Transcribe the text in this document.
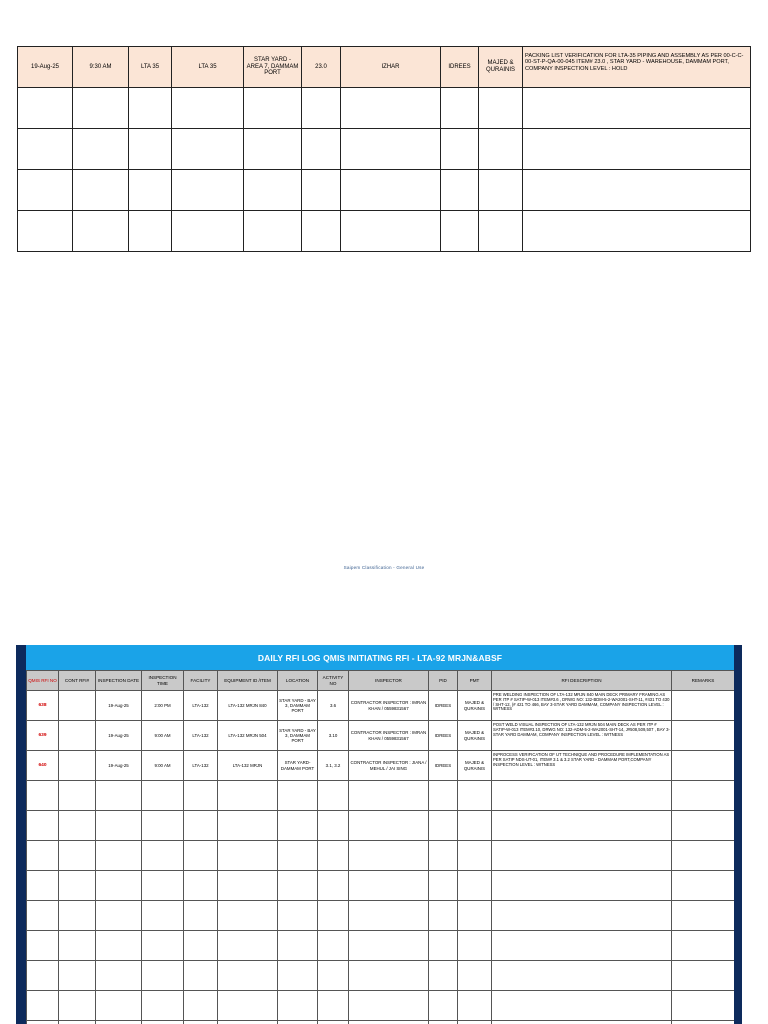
19-Aug-25	9:30 AM	LTA 35	LTA 35	STAR YARD - AREA 7, DAMMAM PORT	23.0	IZHAR	IDREES	MAJED & QURAINIS	PACKING LIST VERIFICATION FOR LTA-35 PIPING AND ASSEMBLY AS PER 00-C-C-00-ST-P-QA-00-045 ITEM# 23.0 , STAR YARD - WAREHOUSE, DAMMAM PORT, COMPANY INSPECTION LEVEL : HOLD

Saipem Classification - General Use
DAILY RFI LOG QMIS INITIATING RFI - LTA-92 MRJN&ABSF
QMIS RFI NO	CONT RFI#	INSPECTION DATE	INSPECTION TIME	FACILITY	EQUIPMENT ID /ITEM	LOCATION	ACTIVITY NO	INSPECTOR	PID	PMT	RFI DESCRIPTION	REMARKS
638		19-Aug-25	2:00 PM	LTA-132	LTA-132 MRJN 840	STAR YARD - BAY 3, DAMMAM PORT	3.6	CONTRACTOR INSPECTOR : IMRAN KHAN / 0559831567	IDREES	MAJED & QURAINIS	PRE WELDING INSPECTION OF LTA-132 MRJN 840 MAIN DECK PRIMARY FRAMING AS PER ITP # SATIP-W-013 ITEM#3.6 , DRWG NO: 132-BDM-5-2-WA2001-SHT-11, #431 TO 430 / SHT-12, (# 421 TO 466, BAY 3-STAR YARD DAMMAM, COMPANY INSPECTION LEVEL : WITNESS	
639		19-Aug-25	9:00 AM	LTA-132	LTA-132 MRJN 504	STAR YARD - BAY 3, DAMMAM PORT	3.10	CONTRACTOR INSPECTOR : IMRAN KHAN / 0559831567	IDREES	MAJED & QURAINIS	POST WELD VISUAL INSPECTION OF LTA-132 MRJN 504 MAIN DECK AS PER ITP # SATIP-W-013 ITEM#3.10, DRWG NO: 132-ADM-5-2-WA2001-SHT-14, J#508,509,507 , BAY 3-STAR YARD DAMMAM, COMPANY INSPECTION LEVEL : WITNESS	
640		19-Aug-25	9:00 AM	LTA-132	LTA-132 MRJN	STAR YARD-DAMMAM PORT	3.1, 3.2	CONTRACTOR INSPECTOR : JIANA / MEHUL / JAI SING	IDREES	MAJED & QURAINIS	INPROCESS VERIFICATION OF UT TECHNIQUE AND PROCEDURE IMPLEMENTATION AS PER SATIP NDS-UT-01, ITEM# 3.1 & 3.2 STAR YARD - DAMMAM PORT,COMPANY INSPECTION LEVEL : WITNESS	
